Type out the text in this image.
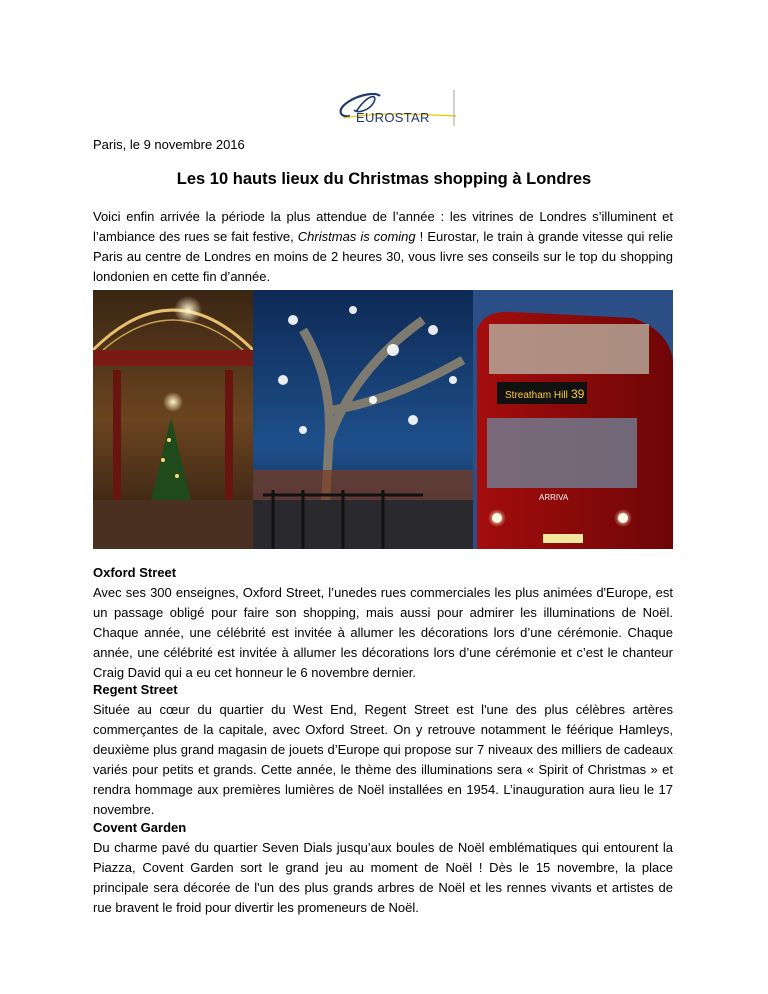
EUROSTAR
Paris, le 9 novembre 2016
Les 10 hauts lieux du Christmas shopping à Londres

Voici enfin arrivée la période la plus attendue de l’année : les vitrines de Londres s’illuminent et l’ambiance des rues se fait festive, Christmas is coming ! Eurostar, le train à grande vitesse qui relie Paris au centre de Londres en moins de 2 heures 30, vous livre ses conseils sur le top du shopping londonien en cette fin d’année.

Streatham Hill 39
ARRIVA
Oxford Street

Avec ses 300 enseignes, Oxford Street, l’unedes rues commerciales les plus animées d'Europe, est un passage obligé pour faire son shopping, mais aussi pour admirer les illuminations de Noël. Chaque année, une célébrité est invitée à allumer les décorations lors d’une cérémonie. Chaque année, une célébrité est invitée à allumer les décorations lors d’une cérémonie et c’est le chanteur Craig David qui a eu cet honneur le 6 novembre dernier.

Regent Street

Située au cœur du quartier du West End, Regent Street est l'une des plus célèbres artères commerçantes de la capitale, avec Oxford Street. On y retrouve notamment le féérique Hamleys, deuxième plus grand magasin de jouets d’Europe qui propose sur 7 niveaux des milliers de cadeaux variés pour petits et grands. Cette année, le thème des illuminations sera « Spirit of Christmas » et rendra hommage aux premières lumières de Noël installées en 1954. L’inauguration aura lieu le 17 novembre.

Covent Garden

Du charme pavé du quartier Seven Dials jusqu’aux boules de Noël emblématiques qui entourent la Piazza, Covent Garden sort le grand jeu au moment de Noël ! Dès le 15 novembre, la place principale sera décorée de l'un des plus grands arbres de Noël et les rennes vivants et artistes de rue bravent le froid pour divertir les promeneurs de Noël.
